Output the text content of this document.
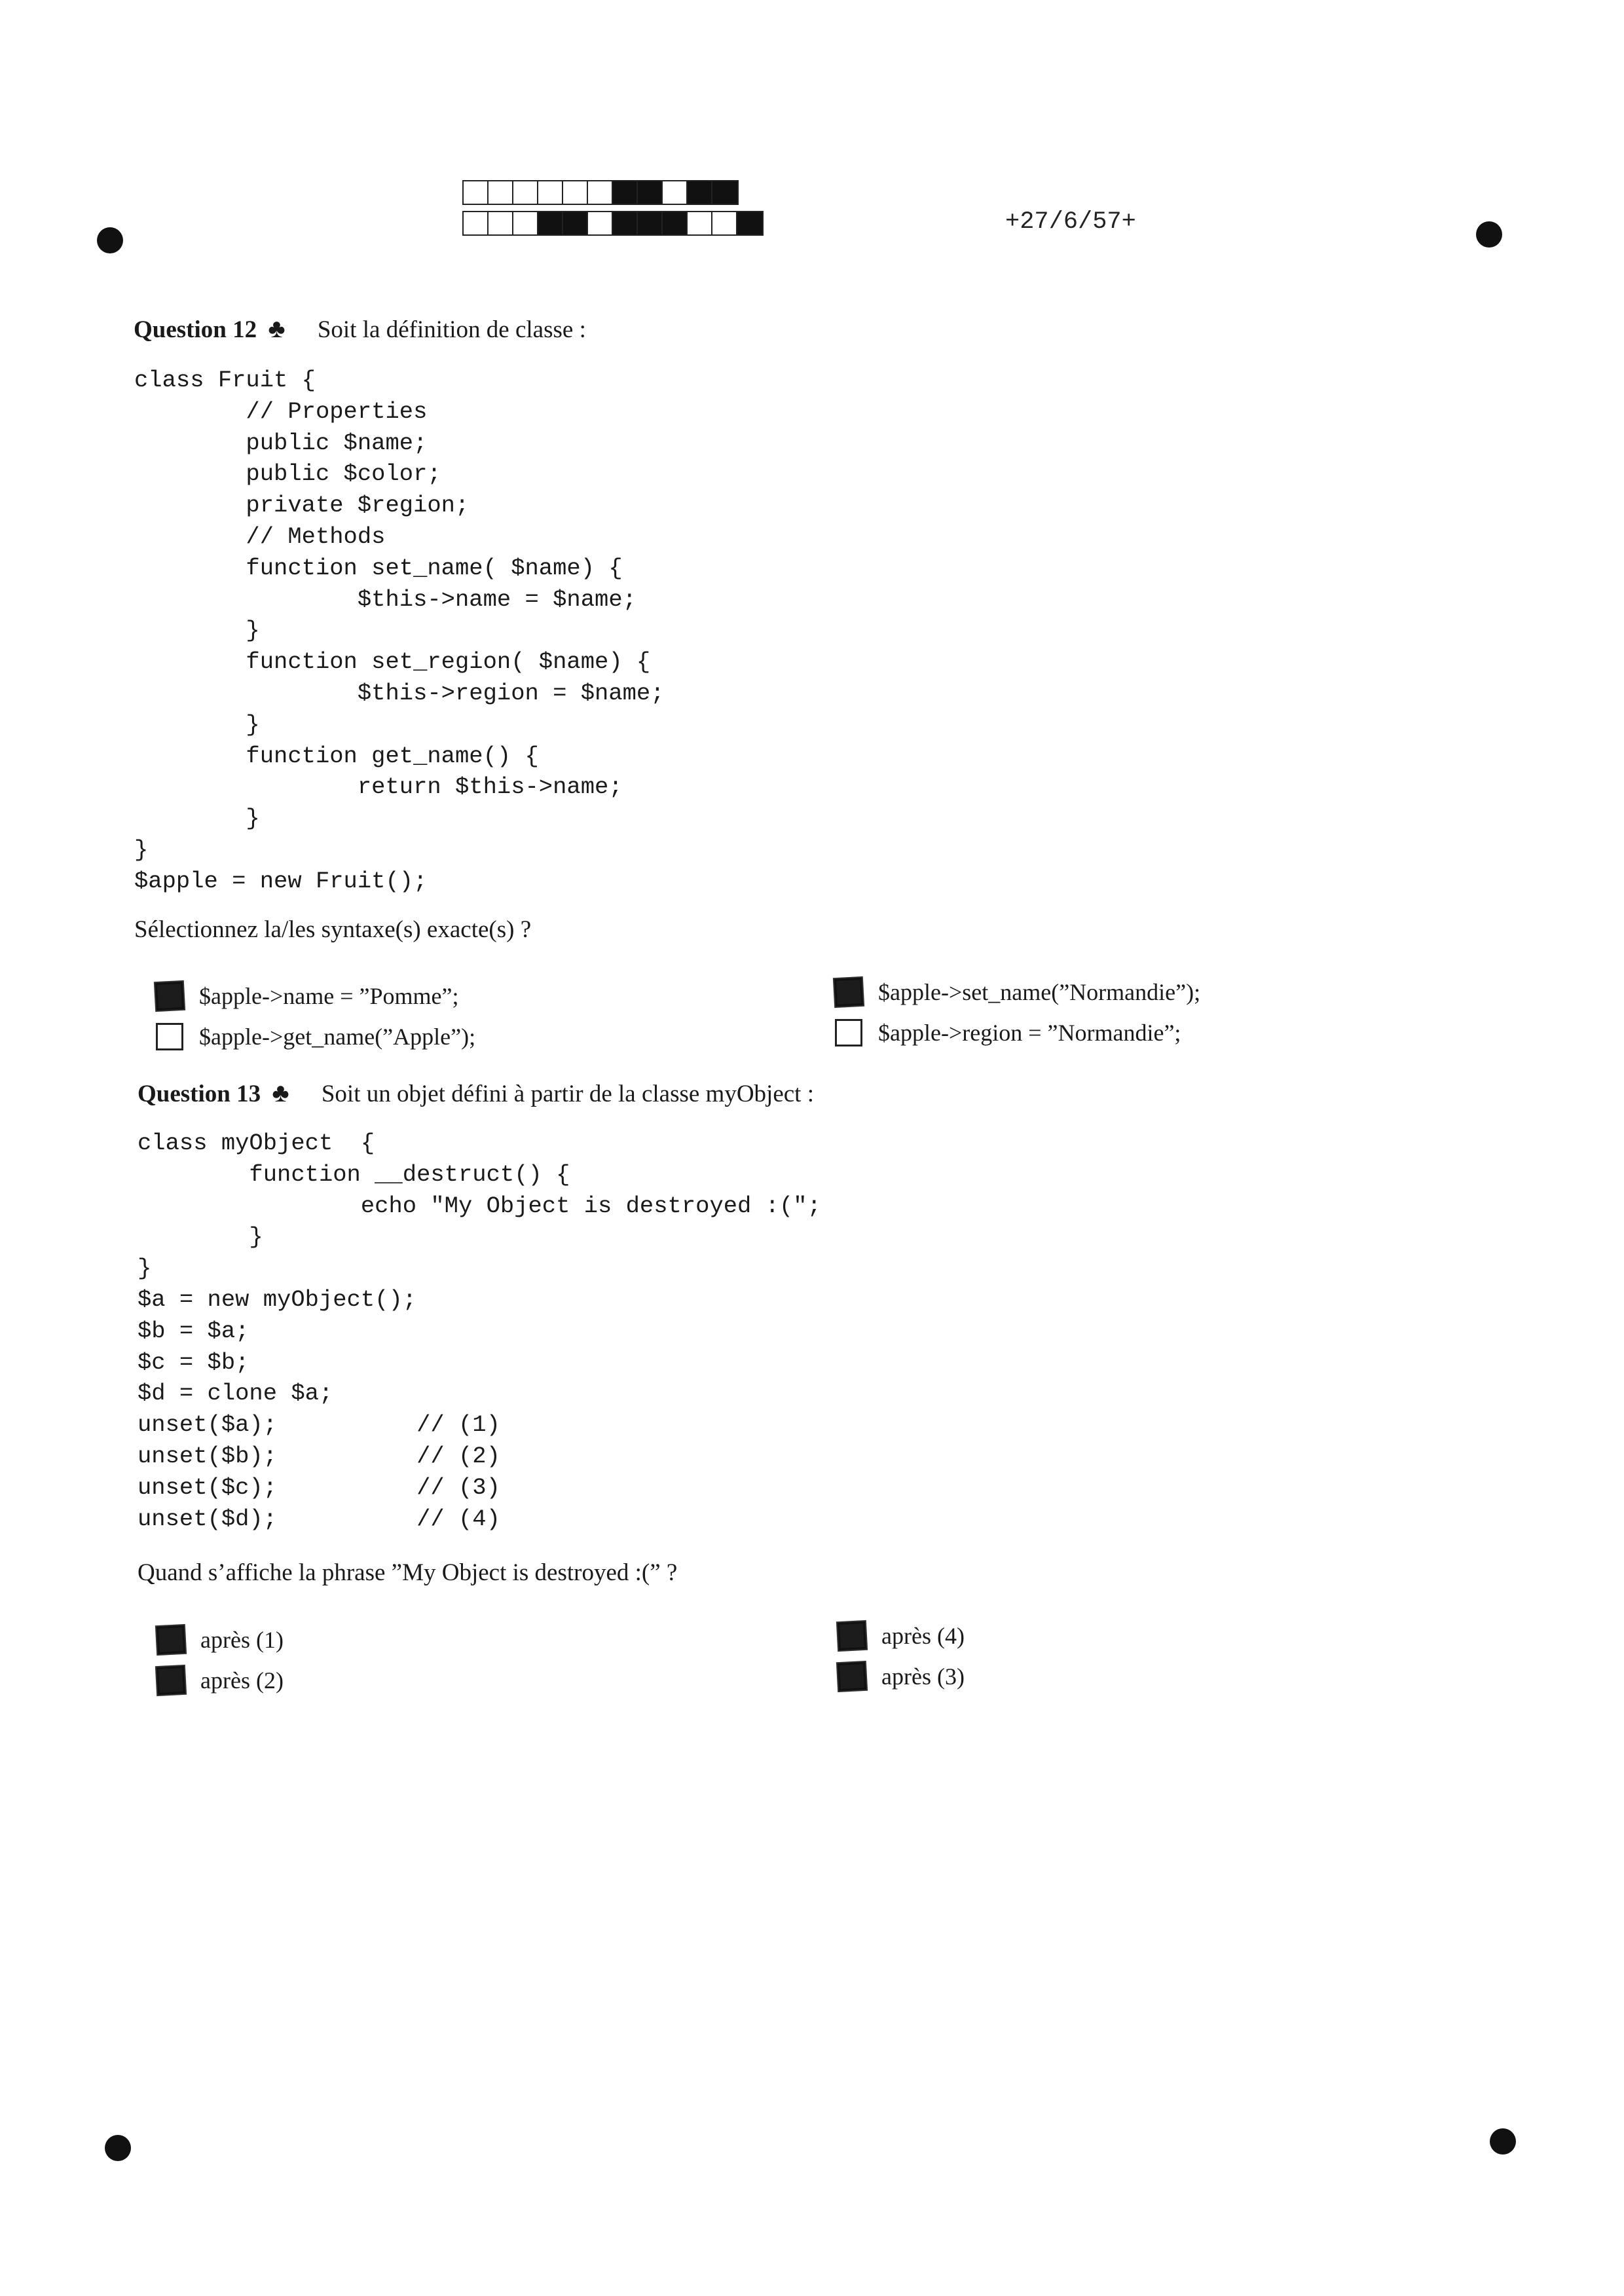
+27/6/57+
Question 12 ♣ Soit la définition de classe :
class Fruit {
// Properties
public $name;
public $color;
private $region;
// Methods
function set_name( $name) {
$this->name = $name;
}
function set_region( $name) {
$this->region = $name;
}
function get_name() {
return $this->name;
}
}
$apple = new Fruit();
Sélectionnez la/les syntaxe(s) exacte(s) ?
$apple->name = ”Pomme”;
$apple->get_name(”Apple”);
$apple->set_name(”Normandie”);
$apple->region = ”Normandie”;
Question 13 ♣ Soit un objet défini à partir de la classe myObject :
class myObject  {
function __destruct() {
echo "My Object is destroyed :(";
}
}
$a = new myObject();
$b = $a;
$c = $b;
$d = clone $a;
unset($a);          // (1)
unset($b);          // (2)
unset($c);          // (3)
unset($d);          // (4)
Quand s’affiche la phrase ”My Object is destroyed :(” ?
après (1)
après (2)
après (4)
après (3)
